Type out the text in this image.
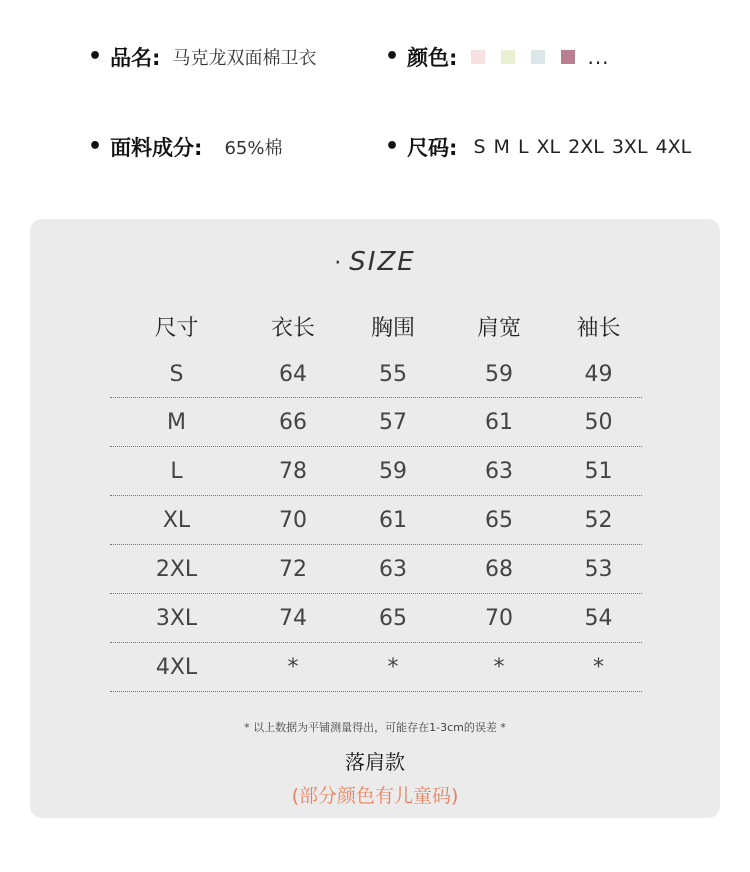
• 品名: 马克龙双面棉卫衣	• 颜色:	...
• 面料成分: 65%棉	• 尺码: S M L XL 2XL 3XL 4XL
· SIZE
尺寸	衣长	胸围	肩宽	袖长
S	64	55	59	49
M	66	57	61	50
L	78	59	63	51
XL	70	61	65	52
2XL	72	63	68	53
3XL	74	65	70	54
4XL	*	*	*	*
* 以上数据为平铺测量得出，可能存在1-3cm的误差 *
落肩款
(部分颜色有儿童码)
